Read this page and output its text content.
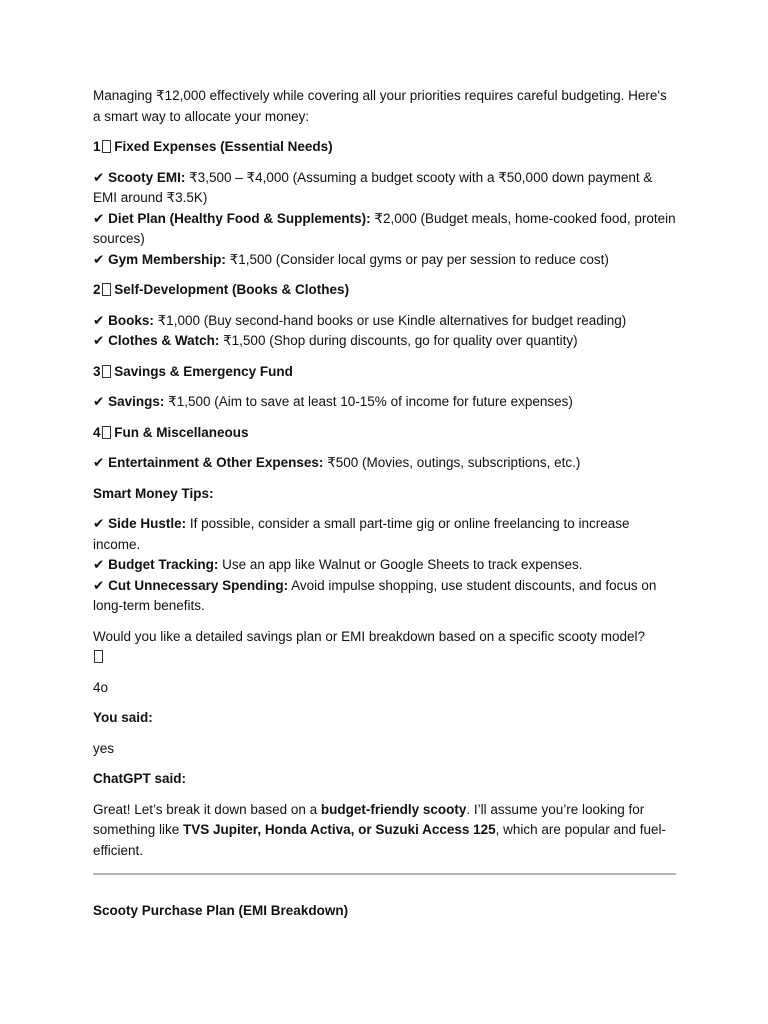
Managing ₹12,000 effectively while covering all your priorities requires careful budgeting. Here's a smart way to allocate your money:

1 Fixed Expenses (Essential Needs)
✔ Scooty EMI: ₹3,500 – ₹4,000 (Assuming a budget scooty with a ₹50,000 down payment & EMI around ₹3.5K)
✔ Diet Plan (Healthy Food & Supplements): ₹2,000 (Budget meals, home-cooked food, protein sources)
✔ Gym Membership: ₹1,500 (Consider local gyms or pay per session to reduce cost)
2 Self-Development (Books & Clothes)
✔ Books: ₹1,000 (Buy second-hand books or use Kindle alternatives for budget reading)
✔ Clothes & Watch: ₹1,500 (Shop during discounts, go for quality over quantity)
3 Savings & Emergency Fund
✔ Savings: ₹1,500 (Aim to save at least 10-15% of income for future expenses)
4 Fun & Miscellaneous
✔ Entertainment & Other Expenses: ₹500 (Movies, outings, subscriptions, etc.)
Smart Money Tips:
✔ Side Hustle: If possible, consider a small part-time gig or online freelancing to increase income.
✔ Budget Tracking: Use an app like Walnut or Google Sheets to track expenses.
✔ Cut Unnecessary Spending: Avoid impulse shopping, use student discounts, and focus on long-term benefits.

Would you like a detailed savings plan or EMI breakdown based on a specific scooty model?

4o

You said:

yes

ChatGPT said:

Great! Let’s break it down based on a budget-friendly scooty. I’ll assume you’re looking for something like TVS Jupiter, Honda Activa, or Suzuki Access 125, which are popular and fuel-efficient.

Scooty Purchase Plan (EMI Breakdown)
